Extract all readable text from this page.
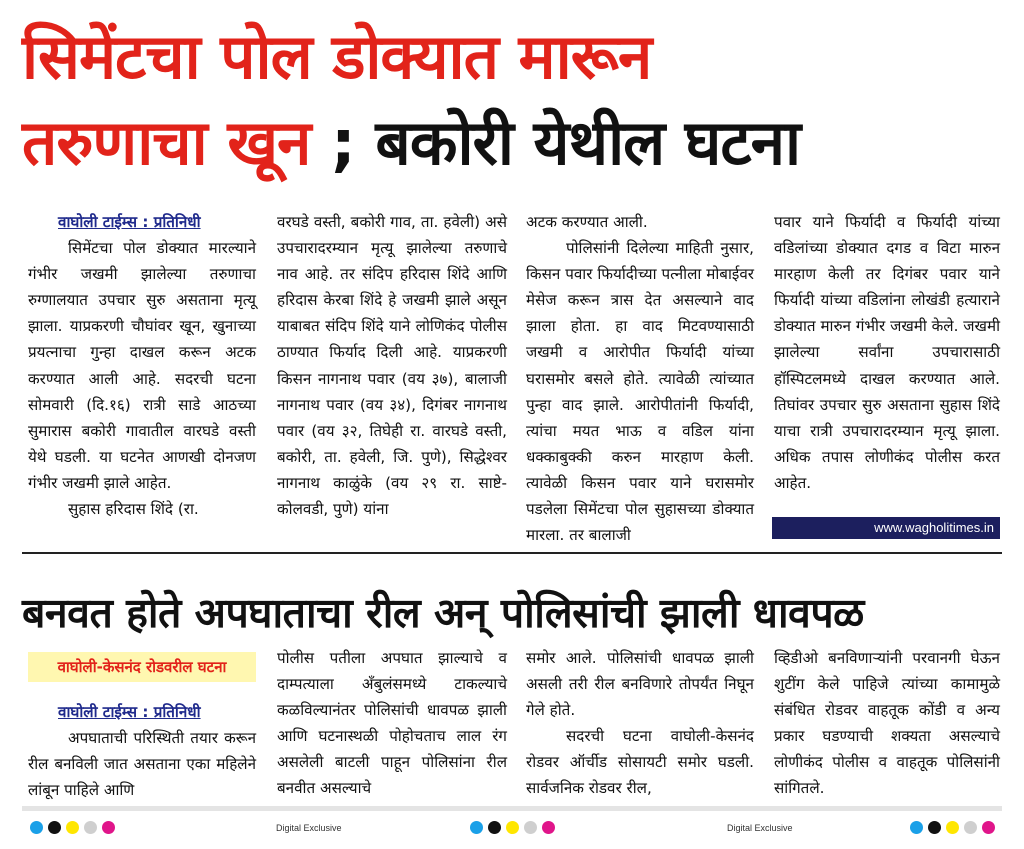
सिमेंटचा पोल डोक्यात मारून
तरुणाचा खून ; बकोरी येथील घटना
वाघोली टाईम्स : प्रतिनिधी

सिमेंटचा पोल डोक्यात मारल्याने गंभीर जखमी झालेल्या तरुणाचा रुग्णालयात उपचार सुरु असताना मृत्यू झाला. याप्रकरणी चौघांवर खून, खुनाच्या प्रयत्नाचा गुन्हा दाखल करून अटक करण्यात आली आहे. सदरची घटना सोमवारी (दि.१६) रात्री साडे आठच्या सुमारास बकोरी गावातील वारघडे वस्ती येथे घडली. या घटनेत आणखी दोनजण गंभीर जखमी झाले आहेत.

सुहास हरिदास शिंदे (रा.

वरघडे वस्ती, बकोरी गाव, ता. हवेली) असे उपचारादरम्यान मृत्यू झालेल्या तरुणाचे नाव आहे. तर संदिप हरिदास शिंदे आणि हरिदास केरबा शिंदे हे जखमी झाले असून याबाबत संदिप शिंदे याने लोणिकंद पोलीस ठाण्यात फिर्याद दिली आहे. याप्रकरणी किसन नागनाथ पवार (वय ३७), बालाजी नागनाथ पवार (वय ३४), दिगंबर नागनाथ पवार (वय ३२, तिघेही रा. वारघडे वस्ती, बकोरी, ता. हवेली, जि. पुणे), सिद्धेश्वर नागनाथ काळुंके (वय २९ रा. साष्टे-कोलवडी, पुणे) यांना

अटक करण्यात आली.

पोलिसांनी दिलेल्या माहिती नुसार, किसन पवार फिर्यादीच्या पत्नीला मोबाईवर मेसेज करून त्रास देत असल्याने वाद झाला होता. हा वाद मिटवण्यासाठी जखमी व आरोपीत फिर्यादी यांच्या घरासमोर बसले होते. त्यावेळी त्यांच्यात पुन्हा वाद झाले. आरोपीतांनी फिर्यादी, त्यांचा मयत भाऊ व वडिल यांना धक्काबुक्की करुन मारहाण केली. त्यावेळी किसन पवार याने घरासमोर पडलेला सिमेंटचा पोल सुहासच्या डोक्यात मारला. तर बालाजी

पवार याने फिर्यादी व फिर्यादी यांच्या वडिलांच्या डोक्यात दगड व विटा मारुन मारहाण केली तर दिगंबर पवार याने फिर्यादी यांच्या वडिलांना लोखंडी हत्याराने डोक्यात मारुन गंभीर जखमी केले. जखमी झालेल्या सर्वांना उपचारासाठी हॉस्पिटलमध्ये दाखल करण्यात आले. तिघांवर उपचार सुरु असताना सुहास शिंदे याचा रात्री उपचारादरम्यान मृत्यू झाला. अधिक तपास लोणीकंद पोलीस करत आहेत.

www.wagholitimes.in
बनवत होते अपघाताचा रील अन् पोलिसांची झाली धावपळ
वाघोली-केसनंद रोडवरील घटना
वाघोली टाईम्स : प्रतिनिधी

अपघाताची परिस्थिती तयार करून रील बनविली जात असताना एका महिलेने लांबून पाहिले आणि

पोलीस पतीला अपघात झाल्याचे व दाम्पत्याला अँबुलंसमध्ये टाकल्याचे कळविल्यानंतर पोलिसांची धावपळ झाली आणि घटनास्थळी पोहोचताच लाल रंग असलेली बाटली पाहून पोलिसांना रील बनवीत असल्याचे

समोर आले. पोलिसांची धावपळ झाली असली तरी रील बनविणारे तोपर्यंत निघून गेले होते.

सदरची घटना वाघोली-केसनंद रोडवर ऑर्चीड सोसायटी समोर घडली. सार्वजनिक रोडवर रील,

व्हिडीओ बनविणाऱ्यांनी परवानगी घेऊन शुटींग केले पाहिजे त्यांच्या कामामुळे संबंधित रोडवर वाहतूक कोंडी व अन्य प्रकार घडण्याची शक्यता असल्याचे लोणीकंद पोलीस व वाहतूक पोलिसांनी सांगितले.

Digital Exclusive	Digital Exclusive
